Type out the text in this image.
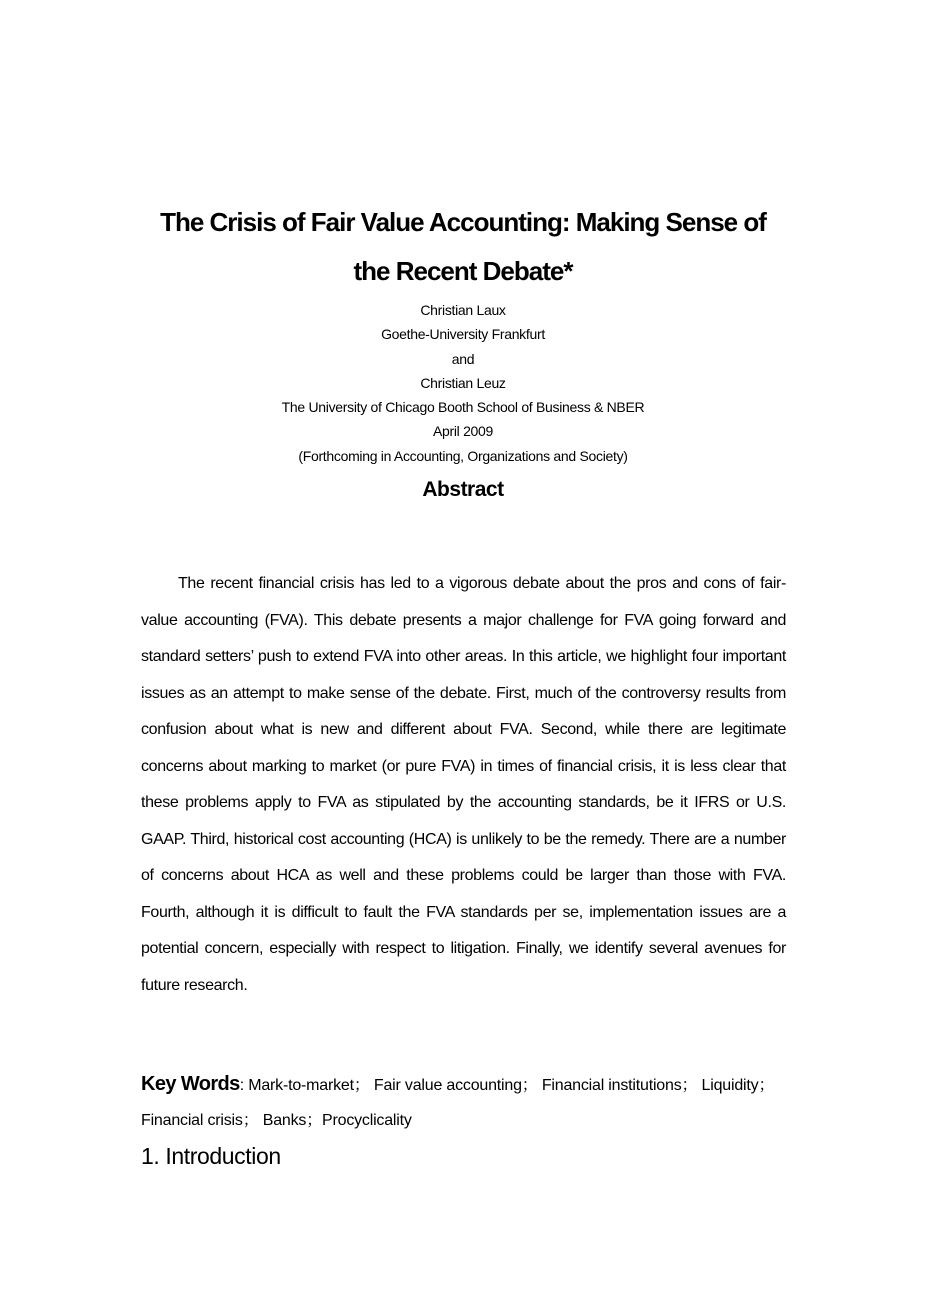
The Crisis of Fair Value Accounting: Making Sense of
the Recent Debate*
Christian Laux
Goethe-University Frankfurt
and
Christian Leuz
The University of Chicago Booth School of Business & NBER
April 2009
(Forthcoming in Accounting, Organizations and Society)
Abstract

The recent financial crisis has led to a vigorous debate about the pros and cons of fair-value accounting (FVA). This debate presents a major challenge for FVA going forward and standard setters’ push to extend FVA into other areas. In this article, we highlight four important issues as an attempt to make sense of the debate. First, much of the controversy results from confusion about what is new and different about FVA. Second, while there are legitimate concerns about marking to market (or pure FVA) in times of financial crisis, it is less clear that these problems apply to FVA as stipulated by the accounting standards, be it IFRS or U.S. GAAP. Third, historical cost accounting (HCA) is unlikely to be the remedy. There are a number of concerns about HCA as well and these problems could be larger than those with FVA. Fourth, although it is difficult to fault the FVA standards per se, implementation issues are a potential concern, especially with respect to litigation. Finally, we identify several avenues for future research.

Key Words: Mark-to-market； Fair value accounting； Financial institutions； Liquidity； Financial crisis； Banks；Procyclicality

1. Introduction
